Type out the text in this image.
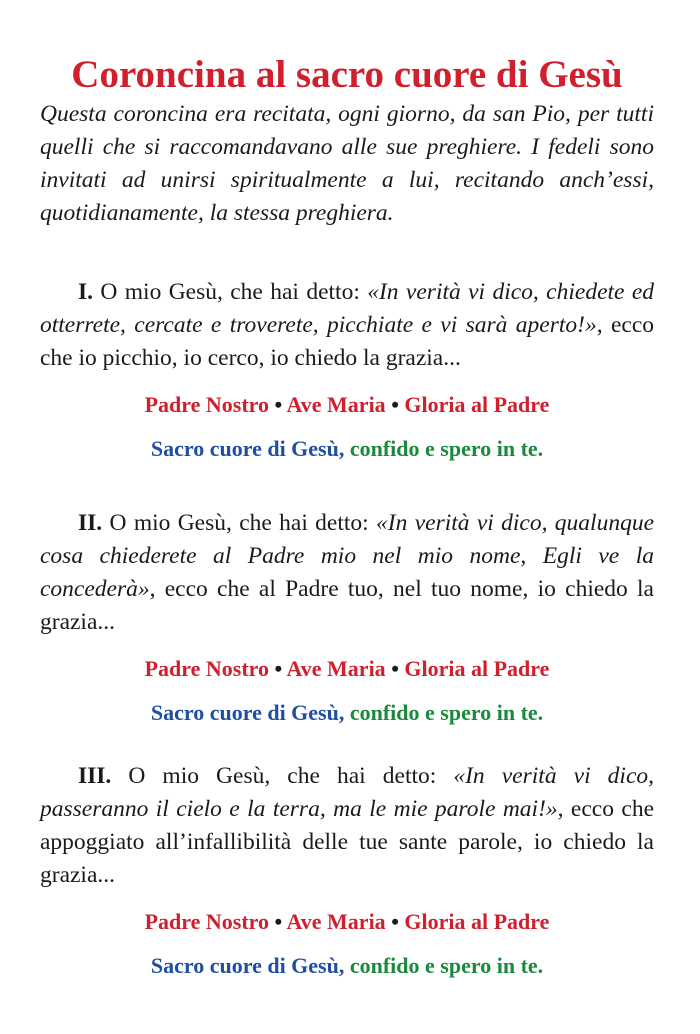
Coroncina al sacro cuore di Gesù

Questa coroncina era recitata, ogni giorno, da san Pio, per tutti quelli che si raccomandavano alle sue preghiere. I fedeli sono invitati ad unirsi spiritualmente a lui, recitando anch’essi, quotidianamente, la stessa preghiera.

I. O mio Gesù, che hai detto: «In verità vi dico, chiedete ed otterrete, cercate e troverete, picchiate e vi sarà aperto!», ecco che io picchio, io cerco, io chiedo la grazia...

Padre Nostro • Ave Maria • Gloria al Padre

Sacro cuore di Gesù, confido e spero in te.

II. O mio Gesù, che hai detto: «In verità vi dico, qualunque cosa chiederete al Padre mio nel mio nome, Egli ve la concederà», ecco che al Padre tuo, nel tuo nome, io chiedo la grazia...

Padre Nostro • Ave Maria • Gloria al Padre

Sacro cuore di Gesù, confido e spero in te.

III. O mio Gesù, che hai detto: «In verità vi dico, passeranno il cielo e la terra, ma le mie parole mai!», ecco che appoggiato all’infallibilità delle tue sante parole, io chiedo la grazia...

Padre Nostro • Ave Maria • Gloria al Padre

Sacro cuore di Gesù, confido e spero in te.
